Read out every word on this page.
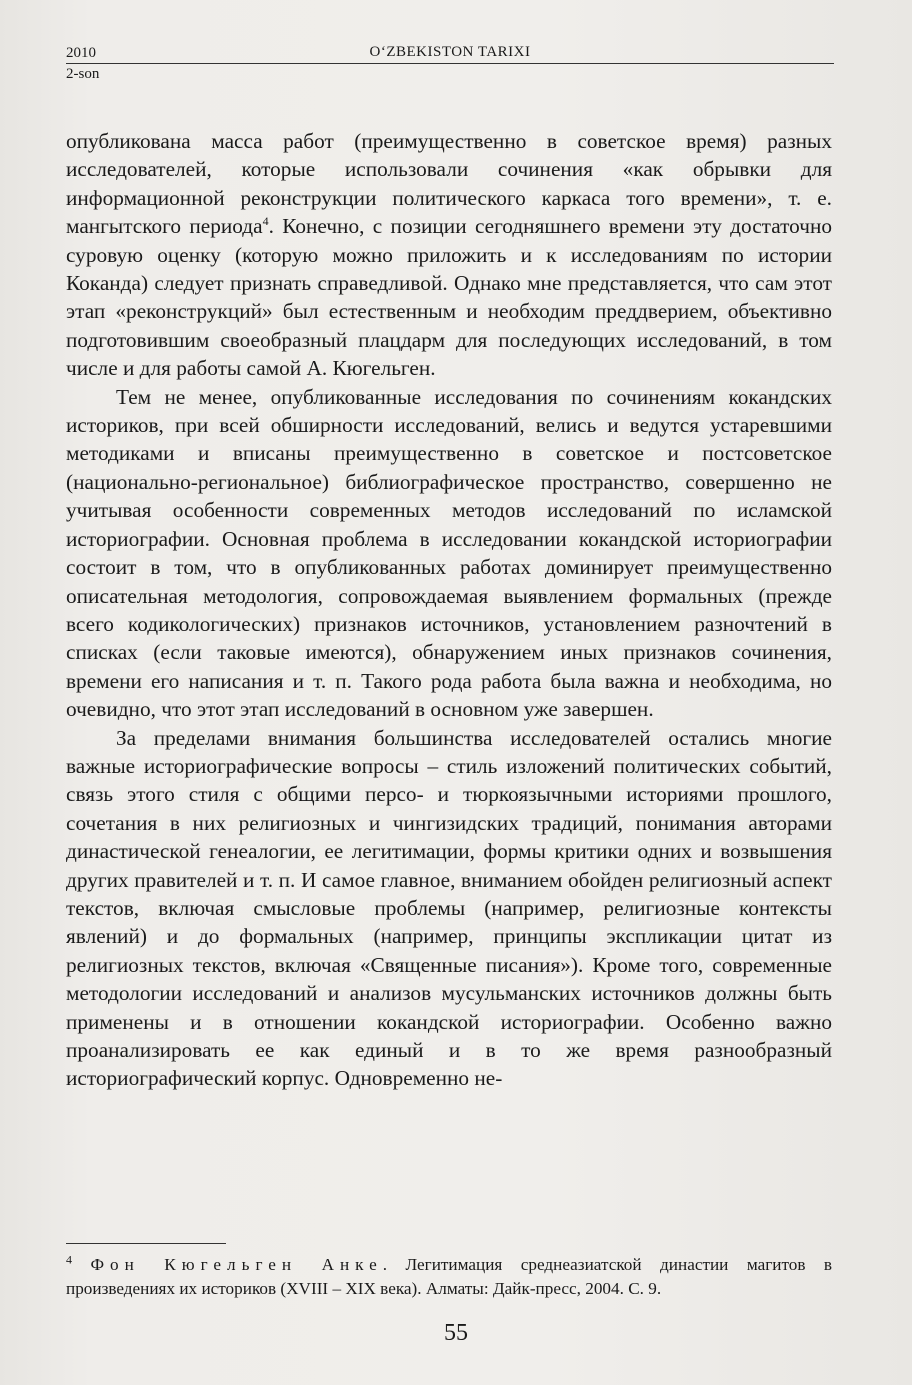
2010	O‘ZBEKISTON TARIXI
2-son

опубликована масса работ (преимущественно в советское время) разных исследователей, которые использовали сочинения «как обрывки для информационной реконструкции политического каркаса того времени», т. е. мангытского периода$^4$. Конечно, с позиции сегодняшнего времени эту достаточно суровую оценку (которую можно приложить и к исследованиям по истории Коканда) следует признать справедливой. Однако мне представляется, что сам этот этап «реконструкций» был естественным и необходим преддверием, объективно подготовившим своеобразный плацдарм для последующих исследований, в том числе и для работы самой А. Кюгельген.

Тем не менее, опубликованные исследования по сочинениям кокандских историков, при всей обширности исследований, велись и ведутся устаревшими методиками и вписаны преимущественно в советское и постсоветское (национально-региональное) библиографическое пространство, совершенно не учитывая особенности современных методов исследований по исламской историографии. Основная проблема в исследовании кокандской историографии состоит в том, что в опубликованных работах доминирует преимущественно описательная методология, сопровождаемая выявлением формальных (прежде всего кодикологических) признаков источников, установлением разночтений в списках (если таковые имеются), обнаружением иных признаков сочинения, времени его написания и т. п. Такого рода работа была важна и необходима, но очевидно, что этот этап исследований в основном уже завершен.

За пределами внимания большинства исследователей остались многие важные историографические вопросы – стиль изложений политических событий, связь этого стиля с общими персо- и тюркоязычными историями прошлого, сочетания в них религиозных и чингизидских традиций, понимания авторами династической генеалогии, ее легитимации, формы критики одних и возвышения других правителей и т. п. И самое главное, вниманием обойден религиозный аспект текстов, включая смысловые проблемы (например, религиозные контексты явлений) и до формальных (например, принципы экспликации цитат из религиозных текстов, включая «Священные писания»). Кроме того, современные методологии исследований и анализов мусульманских источников должны быть применены и в отношении кокандской историографии. Особенно важно проанализировать ее как единый и в то же время разнообразный историографический корпус. Одновременно не-

$^4$ Фон Кюгельген Анке. Легитимация среднеазиатской династии магитов в произведениях их историков (XVIII – XIX века). Алматы: Дайк-пресс, 2004. С. 9.
55
